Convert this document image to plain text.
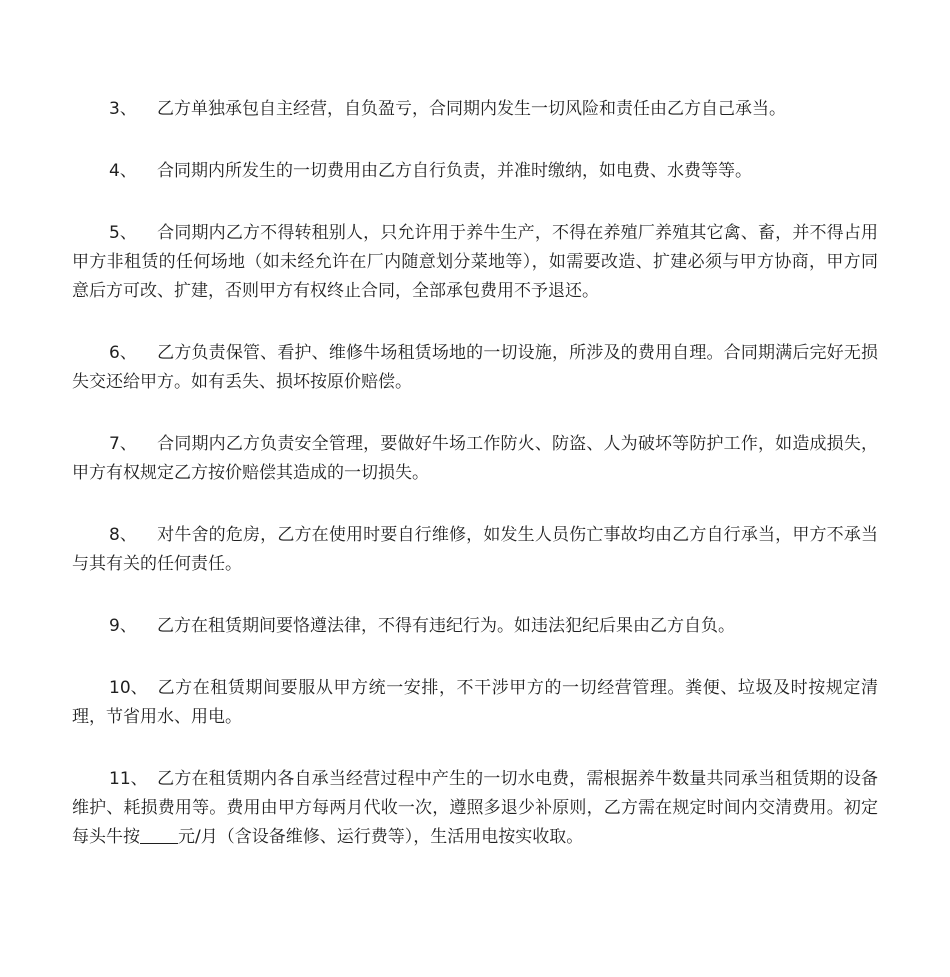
3、 乙方单独承包自主经营，自负盈亏，合同期内发生一切风险和责任由乙方自己承当。
4、 合同期内所发生的一切费用由乙方自行负责，并准时缴纳，如电费、水费等等。
5、 合同期内乙方不得转租别人，只允许用于养牛生产，不得在养殖厂养殖其它禽、畜，并不得占用甲方非租赁的任何场地（如未经允许在厂内随意划分菜地等），如需要改造、扩建必须与甲方协商，甲方同意后方可改、扩建，否则甲方有权终止合同，全部承包费用不予退还。
6、 乙方负责保管、看护、维修牛场租赁场地的一切设施，所涉及的费用自理。合同期满后完好无损失交还给甲方。如有丢失、损坏按原价赔偿。
7、 合同期内乙方负责安全管理，要做好牛场工作防火、防盗、人为破坏等防护工作，如造成损失，甲方有权规定乙方按价赔偿其造成的一切损失。
8、 对牛舍的危房，乙方在使用时要自行维修，如发生人员伤亡事故均由乙方自行承当，甲方不承当与其有关的任何责任。
9、 乙方在租赁期间要恪遵法律，不得有违纪行为。如违法犯纪后果由乙方自负。
10、 乙方在租赁期间要服从甲方统一安排，不干涉甲方的一切经营管理。粪便、垃圾及时按规定清理，节省用水、用电。
11、 乙方在租赁期内各自承当经营过程中产生的一切水电费，需根据养牛数量共同承当租赁期的设备维护、耗损费用等。费用由甲方每两月代收一次，遵照多退少补原则，乙方需在规定时间内交清费用。初定每头牛按 元/月（含设备维修、运行费等），生活用电按实收取。
